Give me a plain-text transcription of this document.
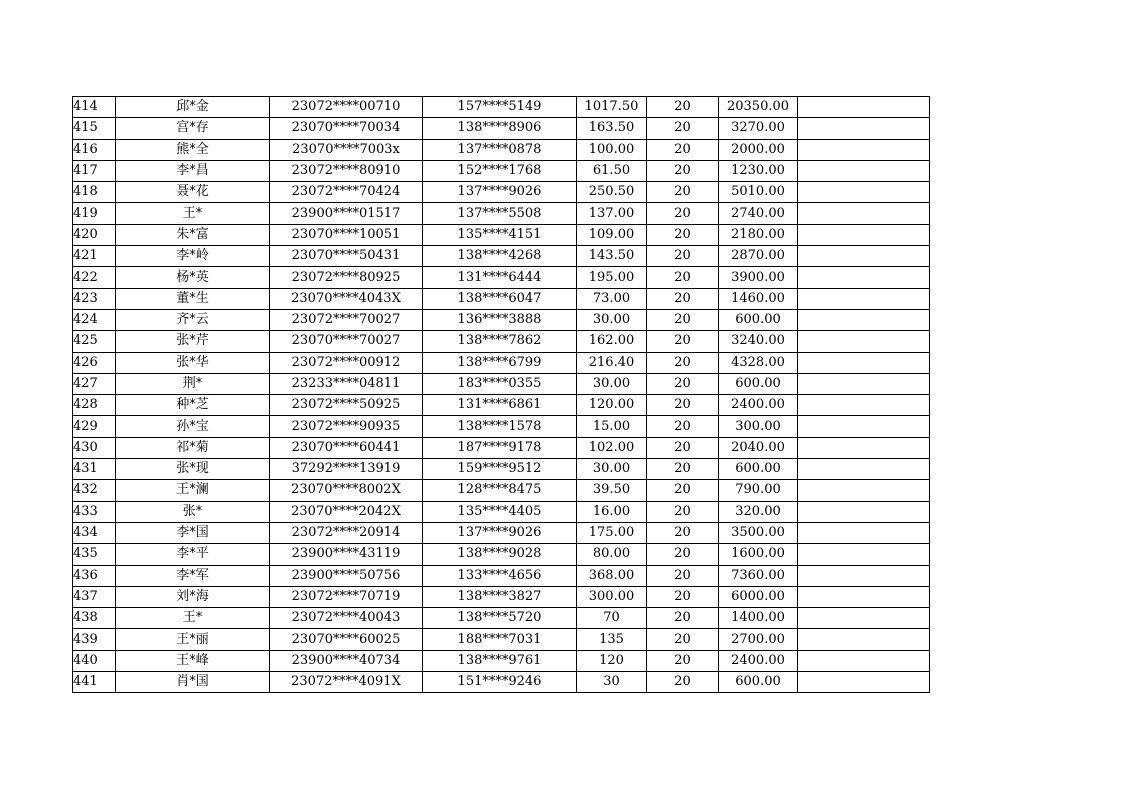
414	邱*金	23072****00710	157****5149	1017.50	20	20350.00	
415	宫*存	23070****70034	138****8906	163.50	20	3270.00	
416	熊*全	23070****7003x	137****0878	100.00	20	2000.00	
417	李*昌	23072****80910	152****1768	61.50	20	1230.00	
418	聂*花	23072****70424	137****9026	250.50	20	5010.00	
419	王*	23900****01517	137****5508	137.00	20	2740.00	
420	朱*富	23070****10051	135****4151	109.00	20	2180.00	
421	李*岭	23070****50431	138****4268	143.50	20	2870.00	
422	杨*英	23072****80925	131****6444	195.00	20	3900.00	
423	董*生	23070****4043X	138****6047	73.00	20	1460.00	
424	齐*云	23072****70027	136****3888	30.00	20	600.00	
425	张*芹	23070****70027	138****7862	162.00	20	3240.00	
426	张*华	23072****00912	138****6799	216.40	20	4328.00	
427	荆*	23233****04811	183****0355	30.00	20	600.00	
428	种*芝	23072****50925	131****6861	120.00	20	2400.00	
429	孙*宝	23072****90935	138****1578	15.00	20	300.00	
430	祁*菊	23070****60441	187****9178	102.00	20	2040.00	
431	张*现	37292****13919	159****9512	30.00	20	600.00	
432	王*澜	23070****8002X	128****8475	39.50	20	790.00	
433	张*	23070****2042X	135****4405	16.00	20	320.00	
434	李*国	23072****20914	137****9026	175.00	20	3500.00	
435	李*平	23900****43119	138****9028	80.00	20	1600.00	
436	李*军	23900****50756	133****4656	368.00	20	7360.00	
437	刘*海	23072****70719	138****3827	300.00	20	6000.00	
438	王*	23072****40043	138****5720	70	20	1400.00	
439	王*丽	23070****60025	188****7031	135	20	2700.00	
440	王*峰	23900****40734	138****9761	120	20	2400.00	
441	肖*国	23072****4091X	151****9246	30	20	600.00	
